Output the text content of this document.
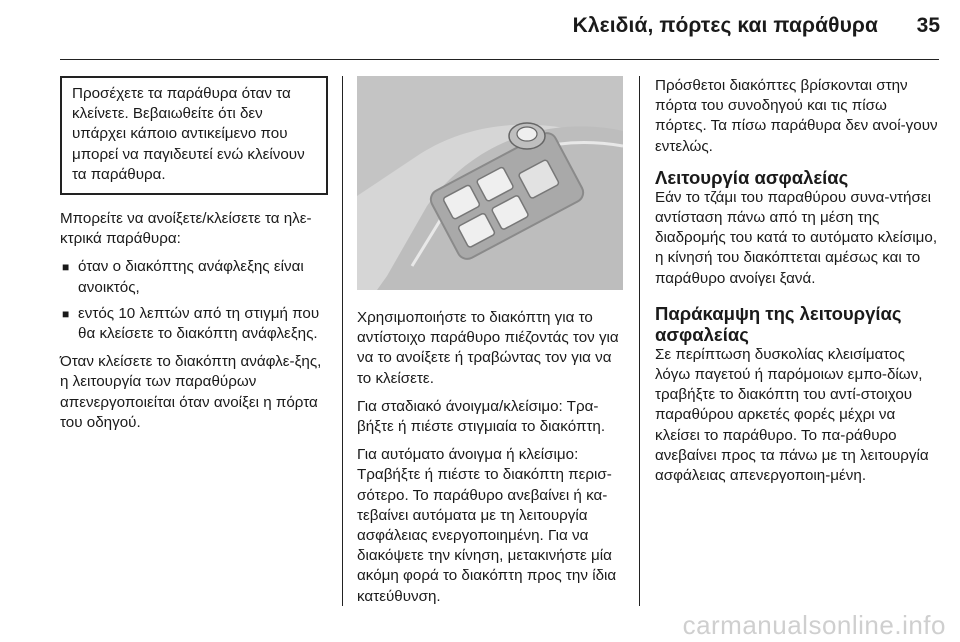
Κλειδιά, πόρτες και παράθυρα	35
Προσέχετε τα παράθυρα όταν τα κλείνετε. Βεβαιωθείτε ότι δεν υπάρχει κάποιο αντικείμενο που μπορεί να παγιδευτεί ενώ κλείνουν τα παράθυρα.

Μπορείτε να ανοίξετε/κλείσετε τα ηλε-κτρικά παράθυρα:

■ όταν ο διακόπτης ανάφλεξης είναι ανοικτός,
■ εντός 10 λεπτών από τη στιγμή που θα κλείσετε το διακόπτη ανάφλεξης.

Όταν κλείσετε το διακόπτη ανάφλε-ξης, η λειτουργία των παραθύρων απενεργοποιείται όταν ανοίξει η πόρτα του οδηγού.

Χρησιμοποιήστε το διακόπτη για το αντίστοιχο παράθυρο πιέζοντάς τον για να το ανοίξετε ή τραβώντας τον για να το κλείσετε.

Για σταδιακό άνοιγμα/κλείσιμο: Τρα-βήξτε ή πιέστε στιγμιαία το διακόπτη.

Για αυτόματο άνοιγμα ή κλείσιμο: Τραβήξτε ή πιέστε το διακόπτη περισ-σότερο. Το παράθυρο ανεβαίνει ή κα-τεβαίνει αυτόματα με τη λειτουργία ασφάλειας ενεργοποιημένη. Για να διακόψετε την κίνηση, μετακινήστε μία ακόμη φορά το διακόπτη προς την ίδια κατεύθυνση.

Πρόσθετοι διακόπτες βρίσκονται στην πόρτα του συνοδηγού και τις πίσω πόρτες. Τα πίσω παράθυρα δεν ανοί-γουν εντελώς.

Λειτουργία ασφαλείας

Εάν το τζάμι του παραθύρου συνα-ντήσει αντίσταση πάνω από τη μέση της διαδρομής του κατά το αυτόματο κλείσιμο, η κίνησή του διακόπτεται αμέσως και το παράθυρο ανοίγει ξανά.

Παράκαμψη της λειτουργίας ασφαλείας

Σε περίπτωση δυσκολίας κλεισίματος λόγω παγετού ή παρόμοιων εμπο-δίων, τραβήξτε το διακόπτη του αντί-στοιχου παραθύρου αρκετές φορές μέχρι να κλείσει το παράθυρο. Το πα-ράθυρο ανεβαίνει προς τα πάνω με τη λειτουργία ασφάλειας απενεργοποιη-μένη.

carmanualsonline.info
